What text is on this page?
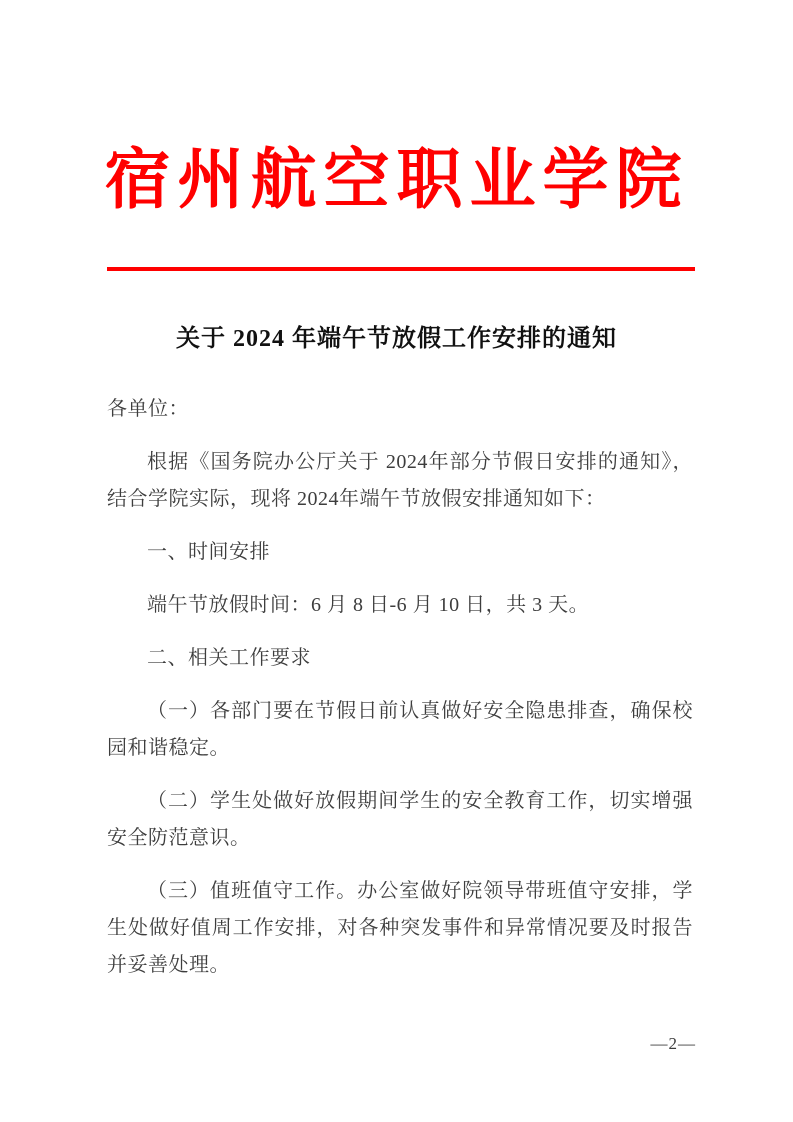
宿州航空职业学院
关于 2024 年端午节放假工作安排的通知

各单位：

根据《国务院办公厅关于 2024年部分节假日安排的通知》，结合学院实际，现将 2024年端午节放假安排通知如下：

一、时间安排

端午节放假时间：6 月 8 日-6 月 10 日，共 3 天。

二、相关工作要求

（一）各部门要在节假日前认真做好安全隐患排查，确保校园和谐稳定。

（二）学生处做好放假期间学生的安全教育工作，切实增强安全防范意识。

（三）值班值守工作。办公室做好院领导带班值守安排，学生处做好值周工作安排，对各种突发事件和异常情况要及时报告并妥善处理。

—2—
